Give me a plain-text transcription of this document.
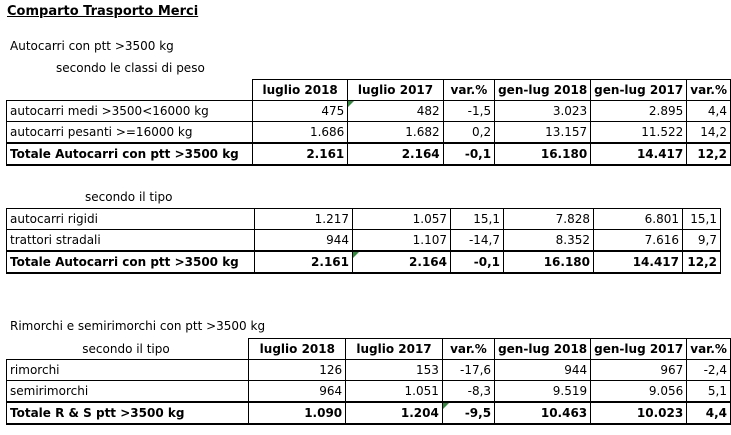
Comparto Trasporto Merci
Autocarri con ptt >3500 kg
secondo le classi di peso
	luglio 2018	luglio 2017	var.%	gen-lug 2018	gen-lug 2017	var.%
autocarri medi >3500<16000 kg	475	482	-1,5	3.023	2.895	4,4
autocarri pesanti >=16000 kg	1.686	1.682	0,2	13.157	11.522	14,2
Totale Autocarri con ptt >3500 kg	2.161	2.164	-0,1	16.180	14.417	12,2
secondo il tipo
autocarri rigidi	1.217	1.057	15,1	7.828	6.801	15,1
trattori stradali	944	1.107	-14,7	8.352	7.616	9,7
Totale Autocarri con ptt >3500 kg	2.161	2.164	-0,1	16.180	14.417	12,2
Rimorchi e semirimorchi con ptt >3500 kg
secondo il tipo	luglio 2018	luglio 2017	var.%	gen-lug 2018	gen-lug 2017	var.%
rimorchi	126	153	-17,6	944	967	-2,4
semirimorchi	964	1.051	-8,3	9.519	9.056	5,1
Totale R & S ptt >3500 kg	1.090	1.204	-9,5	10.463	10.023	4,4
